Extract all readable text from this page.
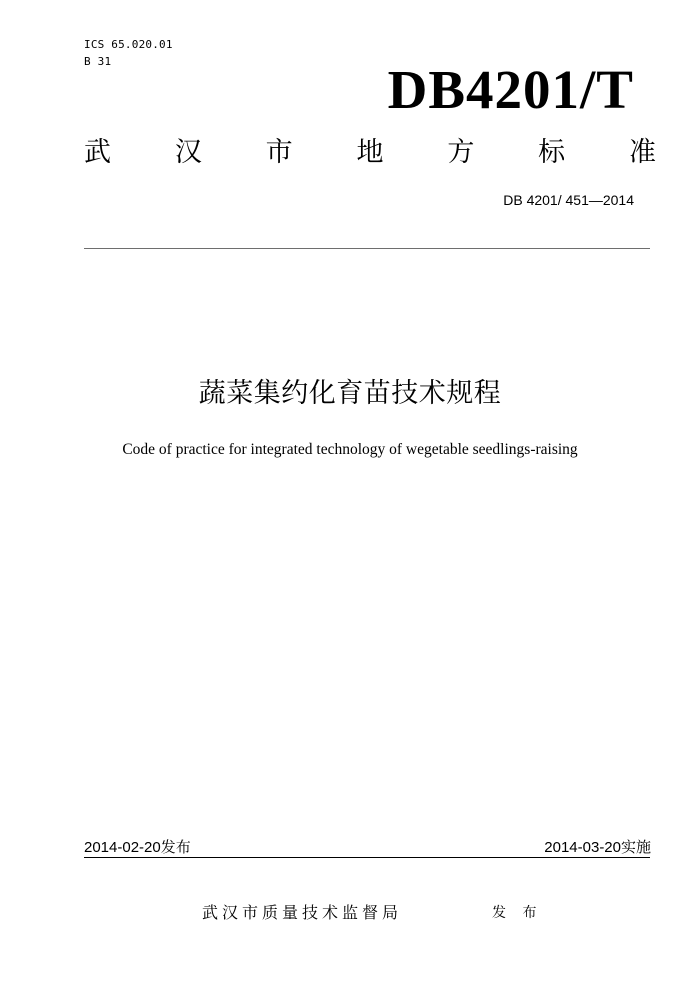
ICS 65.020.01
B 31	DB4201/T
武 汉 市 地 方 标 准
DB 4201/ 451—2014
蔬菜集约化育苗技术规程
Code of practice for integrated technology of wegetable seedlings-raising
2014-02-20发布	2014-03-20实施
武汉市质量技术监督局	发 布
